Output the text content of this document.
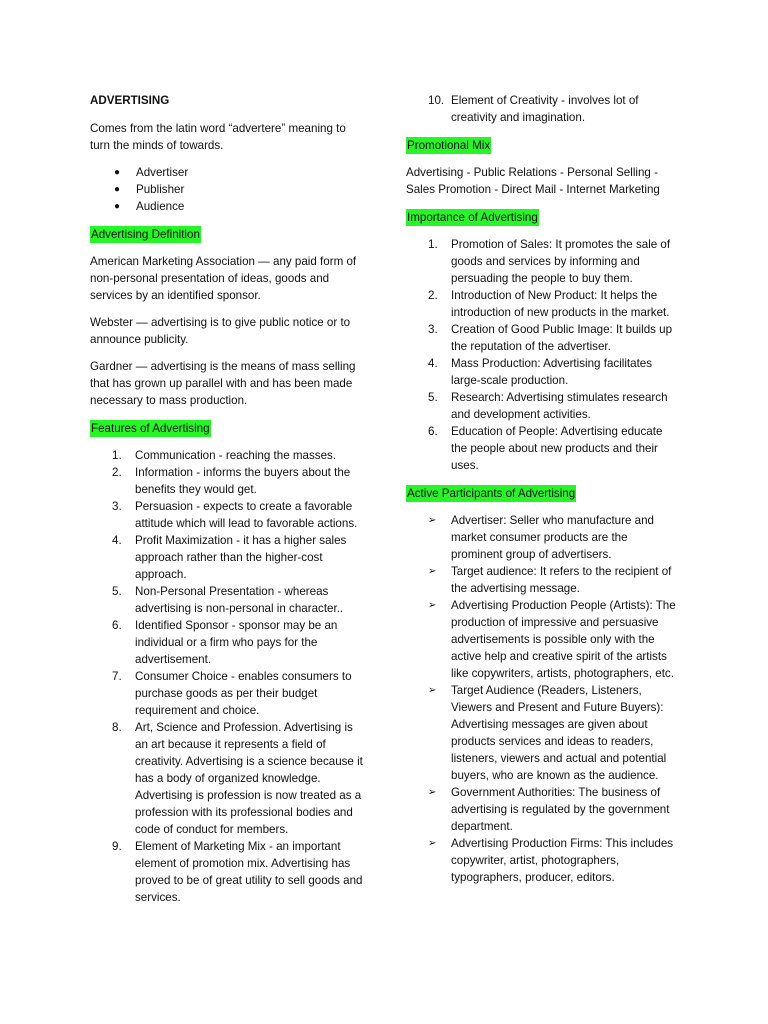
ADVERTISING

Comes from the latin word “advertere” meaning to turn the minds of towards.

● Advertiser
● Publisher
● Audience
Advertising Definition

American Marketing Association — any paid form of non-personal presentation of ideas, goods and services by an identified sponsor.

Webster — advertising is to give public notice or to announce publicity.

Gardner — advertising is the means of mass selling that has grown up parallel with and has been made necessary to mass production.

Features of Advertising
1. Communication - reaching the masses.
2. Information - informs the buyers about the benefits they would get.
3. Persuasion - expects to create a favorable attitude which will lead to favorable actions.
4. Profit Maximization - it has a higher sales approach rather than the higher-cost approach.
5. Non-Personal Presentation - whereas advertising is non-personal in character..
6. Identified Sponsor - sponsor may be an individual or a firm who pays for the advertisement.
7. Consumer Choice - enables consumers to purchase goods as per their budget requirement and choice.
8. Art, Science and Profession. Advertising is an art because it represents a field of creativity. Advertising is a science because it has a body of organized knowledge. Advertising is profession is now treated as a profession with its professional bodies and code of conduct for members.
9. Element of Marketing Mix - an important element of promotion mix. Advertising has proved to be of great utility to sell goods and services.
10. Element of Creativity - involves lot of creativity and imagination.
Promotional Mix

Advertising - Public Relations - Personal Selling - Sales Promotion - Direct Mail - Internet Marketing

Importance of Advertising
1. Promotion of Sales: It promotes the sale of goods and services by informing and persuading the people to buy them.
2. Introduction of New Product: It helps the introduction of new products in the market.
3. Creation of Good Public Image: It builds up the reputation of the advertiser.
4. Mass Production: Advertising facilitates large-scale production.
5. Research: Advertising stimulates research and development activities.
6. Education of People: Advertising educate the people about new products and their uses.
Active Participants of Advertising
➢ Advertiser: Seller who manufacture and market consumer products are the prominent group of advertisers.
➢ Target audience: It refers to the recipient of the advertising message.
➢ Advertising Production People (Artists): The production of impressive and persuasive advertisements is possible only with the active help and creative spirit of the artists like copywriters, artists, photographers, etc.
➢ Target Audience (Readers, Listeners, Viewers and Present and Future Buyers): Advertising messages are given about products services and ideas to readers, listeners, viewers and actual and potential buyers, who are known as the audience.
➢ Government Authorities: The business of advertising is regulated by the government department.
➢ Advertising Production Firms: This includes copywriter, artist, photographers, typographers, producer, editors.
